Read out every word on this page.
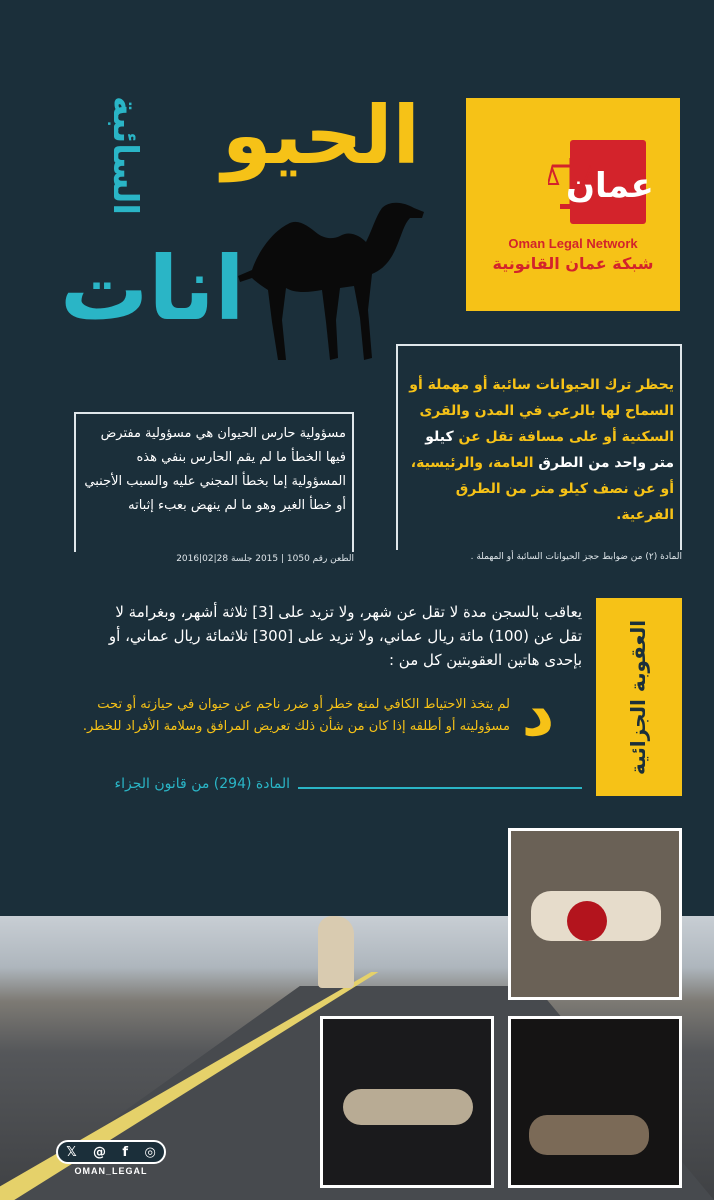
الحيو
السائبة
انات
عمان
Oman Legal Network
شبكة عمان القانونية
يحظر ترك الحيوانات سائبة أو مهملة أو السماح لها بالرعي في المدن والقرى السكنية أو على مسافة تقل عن كيلو متر واحد من الطرق العامة، والرئيسية، أو عن نصف كيلو متر من الطرق الفرعية.
المادة (٢) من ضوابط حجز الحيوانات السائبة أو المهملة .
مسؤولية حارس الحيوان هي مسؤولية مفترض فيها الخطأ ما لم يقم الحارس بنفي هذه المسؤولية إما بخطأ المجني عليه والسبب الأجنبي أو خطأ الغير وهو ما لم ينهض بعبء إثباته
الطعن رقم 1050 | 2015 جلسة 28|02|2016
العقوبة الجزائية
يعاقب بالسجن مدة لا تقل عن شهر، ولا تزيد على [3] ثلاثة أشهر، وبغرامة لا تقل عن (100) مائة ريال عماني، ولا تزيد على [300] ثلاثمائة ريال عماني، أو بإحدى هاتين العقوبتين كل من :
د
لم يتخذ الاحتياط الكافي لمنع خطر أو ضرر ناجم عن حيوان في حيازته أو تحت مسؤوليته أو أطلقه إذا كان من شأن ذلك تعريض المرافق وسلامة الأفراد للخطر.
المادة (294) من قانون الجزاء
𝕏 @ f ◎
OMAN_LEGAL
